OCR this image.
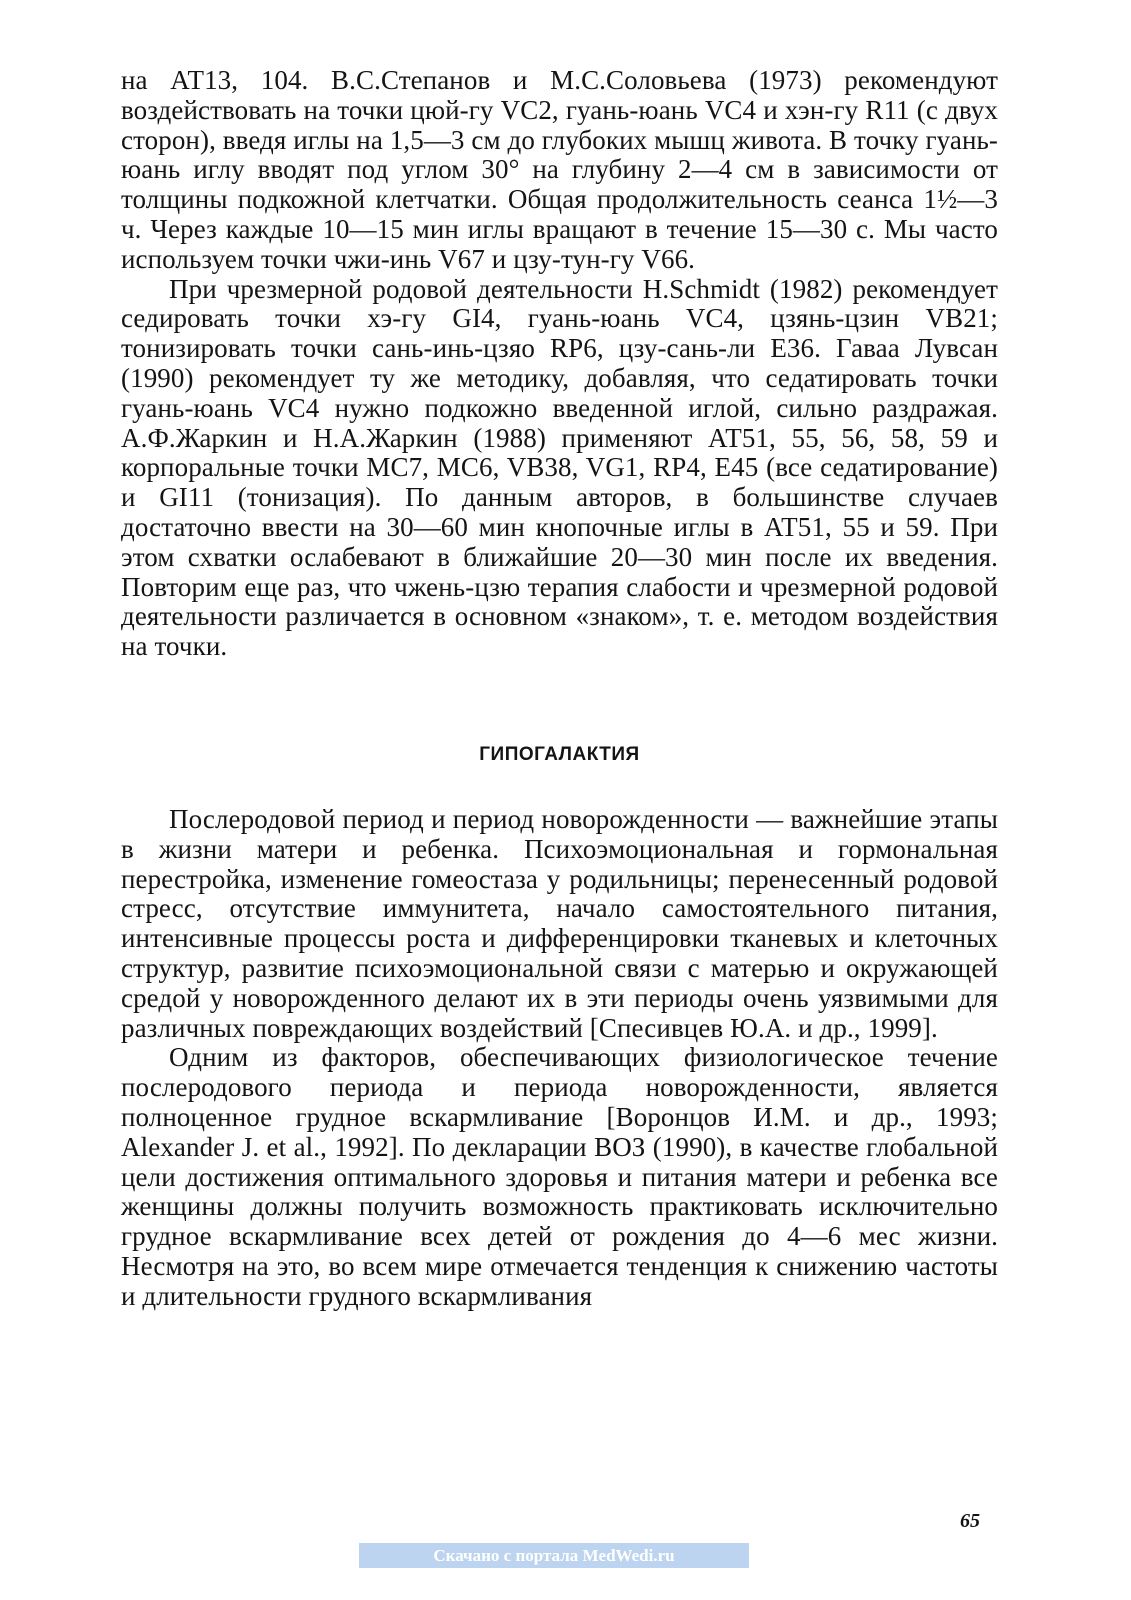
на АТ13, 104. В.С.Степанов и М.С.Соловьева (1973) рекомендуют воздействовать на точки цюй-гу VC2, гуань-юань VC4 и хэн-гу R11 (с двух сторон), введя иглы на 1,5—3 см до глубоких мышц живота. В точку гуань-юань иглу вводят под углом 30° на глубину 2—4 см в зависимости от толщины подкожной клетчатки. Общая продолжительность сеанса 1½—3 ч. Через каждые 10—15 мин иглы вращают в течение 15—30 с. Мы часто используем точки чжи-инь V67 и цзу-тун-гу V66.

При чрезмерной родовой деятельности H.Schmidt (1982) рекомендует седировать точки хэ-гу GI4, гуань-юань VC4, цзянь-цзин VB21; тонизировать точки сань-инь-цзяо RP6, цзу-сань-ли E36. Гаваа Лувсан (1990) рекомендует ту же методику, добавляя, что седатировать точки гуань-юань VC4 нужно подкожно введенной иглой, сильно раздражая. А.Ф.Жаркин и Н.А.Жаркин (1988) применяют АТ51, 55, 56, 58, 59 и корпоральные точки MC7, MC6, VB38, VG1, RP4, E45 (все седатирование) и GI11 (тонизация). По данным авторов, в большинстве случаев достаточно ввести на 30—60 мин кнопочные иглы в АТ51, 55 и 59. При этом схватки ослабевают в ближайшие 20—30 мин после их введения. Повторим еще раз, что чжень-цзю терапия слабости и чрезмерной родовой деятельности различается в основном «знаком», т. е. методом воздействия на точки.

ГИПОГАЛАКТИЯ

Послеродовой период и период новорожденности — важнейшие этапы в жизни матери и ребенка. Психоэмоциональная и гормональная перестройка, изменение гомеостаза у родильницы; перенесенный родовой стресс, отсутствие иммунитета, начало самостоятельного питания, интенсивные процессы роста и дифференцировки тканевых и клеточных структур, развитие психоэмоциональной связи с матерью и окружающей средой у новорожденного делают их в эти периоды очень уязвимыми для различных повреждающих воздействий [Спесивцев Ю.А. и др., 1999].

Одним из факторов, обеспечивающих физиологическое течение послеродового периода и периода новорожденности, является полноценное грудное вскармливание [Воронцов И.М. и др., 1993; Alexander J. et al., 1992]. По декларации ВОЗ (1990), в качестве глобальной цели достижения оптимального здоровья и питания матери и ребенка все женщины должны получить возможность практиковать исключительно грудное вскармливание всех детей от рождения до 4—6 мес жизни. Несмотря на это, во всем мире отмечается тенденция к снижению частоты и длительности грудного вскармливания

65
Скачано с портала MedWedi.ru
